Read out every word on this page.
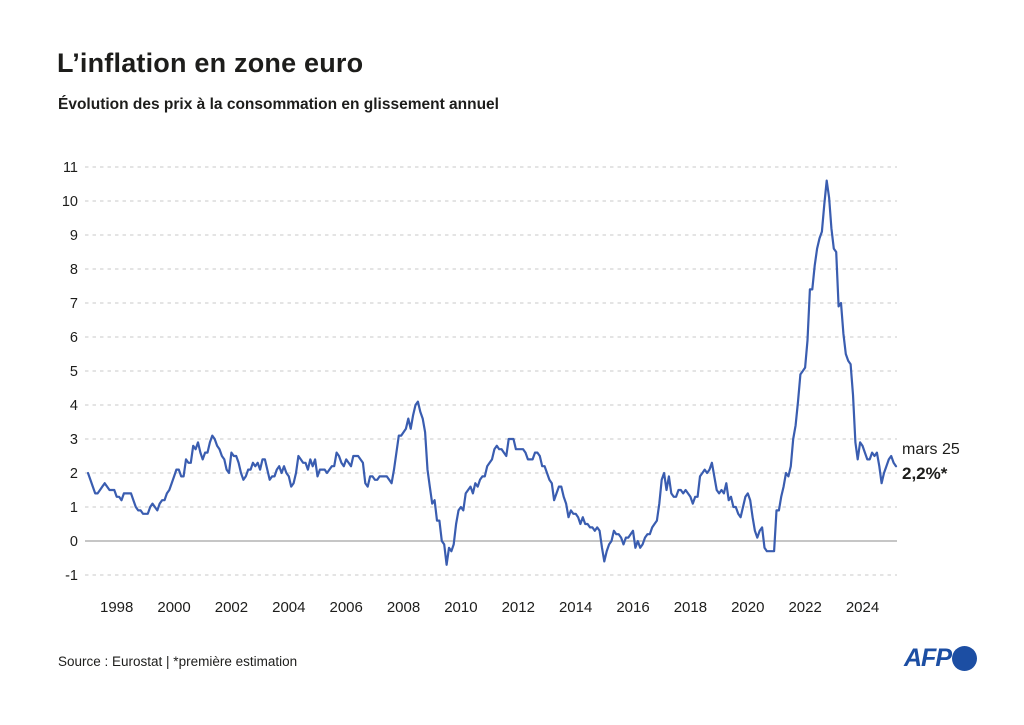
L’inflation en zone euro
Évolution des prix à la consommation en glissement annuel
11
10
9
8
7
6
5
4
3
2
1
0
-1
1998 2000 2002 2004 2006 2008 2010 2012 2014 2016 2018 2020 2022 2024
mars 25
2,2%*
Source : Eurostat | *première estimation	AFP
